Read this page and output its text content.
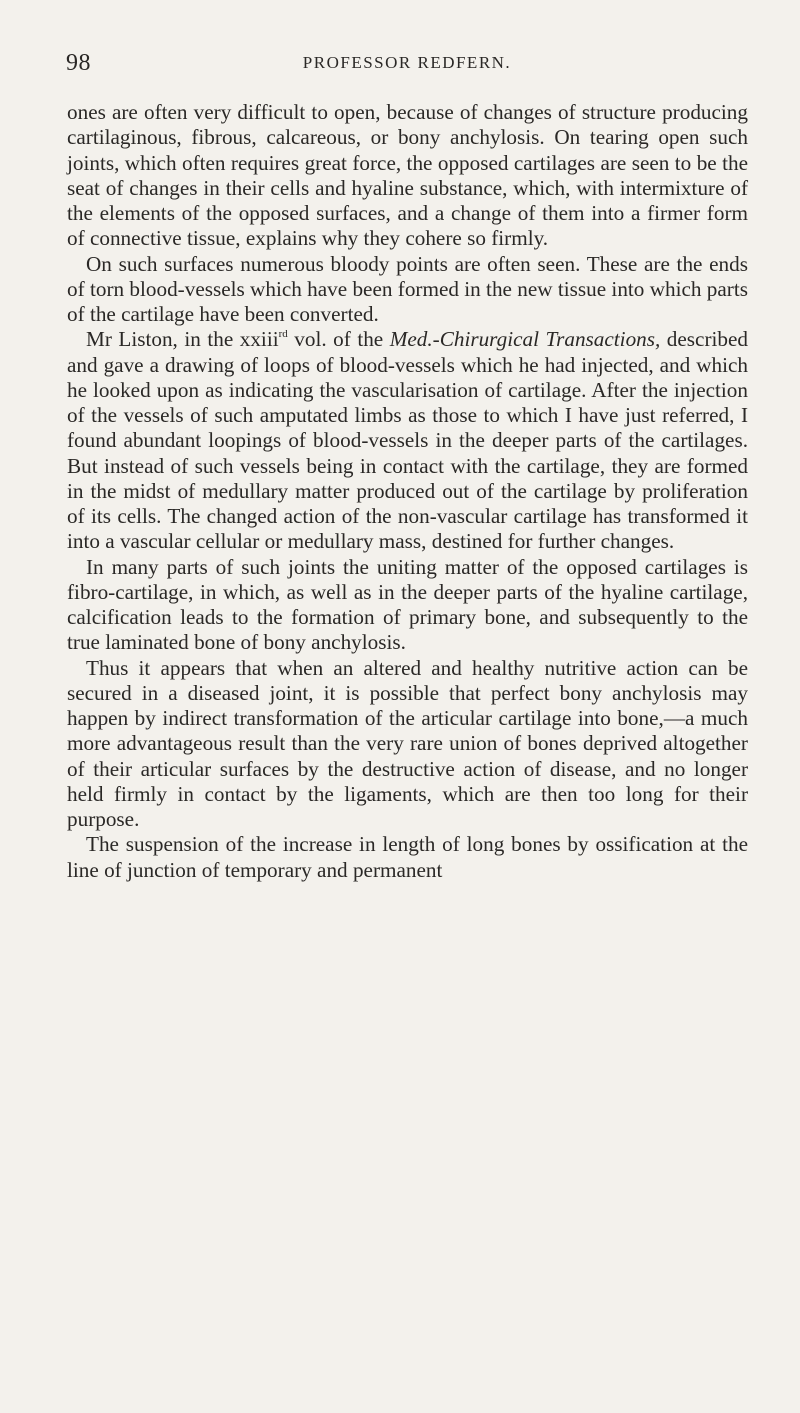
98	PROFESSOR REDFERN.

ones are often very difficult to open, because of changes of structure producing cartilaginous, fibrous, calcareous, or bony anchylosis. On tearing open such joints, which often requires great force, the opposed cartilages are seen to be the seat of changes in their cells and hyaline substance, which, with intermixture of the elements of the opposed surfaces, and a change of them into a firmer form of connective tissue, explains why they cohere so firmly.

On such surfaces numerous bloody points are often seen. These are the ends of torn blood-vessels which have been formed in the new tissue into which parts of the cartilage have been converted.

Mr Liston, in the xxiii$^{rd}$ vol. of the Med.-Chirurgical Transactions, described and gave a drawing of loops of blood-vessels which he had injected, and which he looked upon as indicating the vascularisation of cartilage. After the injection of the vessels of such amputated limbs as those to which I have just referred, I found abundant loopings of blood-vessels in the deeper parts of the cartilages. But instead of such vessels being in contact with the cartilage, they are formed in the midst of medullary matter produced out of the cartilage by proliferation of its cells. The changed action of the non-vascular cartilage has transformed it into a vascular cellular or medullary mass, destined for further changes.

In many parts of such joints the uniting matter of the opposed cartilages is fibro-cartilage, in which, as well as in the deeper parts of the hyaline cartilage, calcification leads to the formation of primary bone, and subsequently to the true laminated bone of bony anchylosis.

Thus it appears that when an altered and healthy nutritive action can be secured in a diseased joint, it is possible that perfect bony anchylosis may happen by indirect transformation of the articular cartilage into bone,—a much more advantageous result than the very rare union of bones deprived altogether of their articular surfaces by the destructive action of disease, and no longer held firmly in contact by the ligaments, which are then too long for their purpose.

The suspension of the increase in length of long bones by ossification at the line of junction of temporary and permanent
